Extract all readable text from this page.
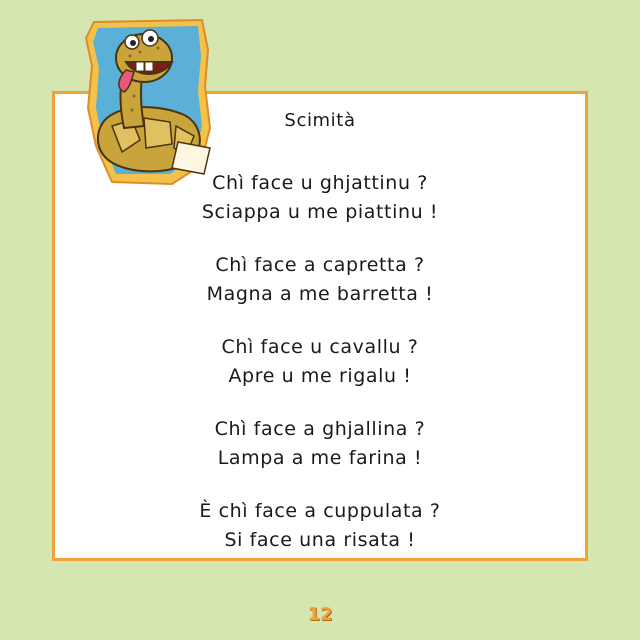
Scimità
Chì face u ghjattinu ?
Sciappa u me piattinu !
Chì face a capretta ?
Magna a me barretta !
Chì face u cavallu ?
Apre u me rigalu !
Chì face a ghjallina ?
Lampa a me farina !
È chì face a cuppulata ?
Si face una risata !
12
